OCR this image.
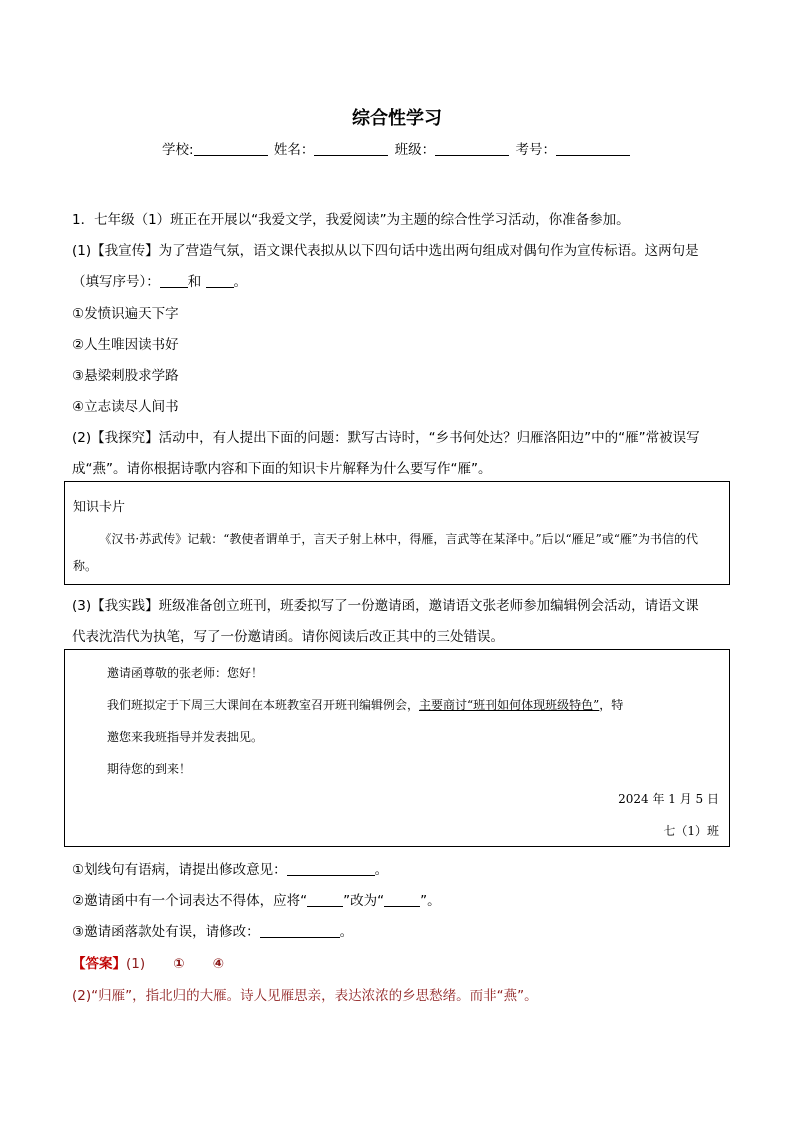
综合性学习
学校:	姓名：	班级：	考号：
1．七年级（1）班正在开展以“我爱文学，我爱阅读”为主题的综合性学习活动，你准备参加。
(1)【我宣传】为了营造气氛，语文课代表拟从以下四句话中选出两句组成对偶句作为宣传标语。这两句是
（填写序号）： 和 。
①发愤识遍天下字
②人生唯因读书好
③悬梁刺股求学路
④立志读尽人间书
(2)【我探究】活动中，有人提出下面的问题：默写古诗时，“乡书何处达？归雁洛阳边”中的“雁”常被误写
成“燕”。请你根据诗歌内容和下面的知识卡片解释为什么要写作“雁”。
知识卡片
《汉书·苏武传》记载：“教使者谓单于，言天子射上林中，得雁，言武等在某泽中。”后以“雁足”或“雁”为书信的代称。
(3)【我实践】班级准备创立班刊，班委拟写了一份邀请函，邀请语文张老师参加编辑例会活动，请语文课
代表沈浩代为执笔，写了一份邀请函。请你阅读后改正其中的三处错误。
邀请函尊敬的张老师：您好！
我们班拟定于下周三大课间在本班教室召开班刊编辑例会，主要商讨“班刊如何体现班级特色”，特
邀您来我班指导并发表拙见。
期待您的到来！
2024 年 1 月 5 日
七（1）班
①划线句有语病，请提出修改意见：	。
②邀请函中有一个词表达不得体，应将“	”改为“	”。
③邀请函落款处有误，请修改：	。
【答案】(1) ① ④
(2)“归雁”，指北归的大雁。诗人见雁思亲，表达浓浓的乡思愁绪。而非“燕”。
